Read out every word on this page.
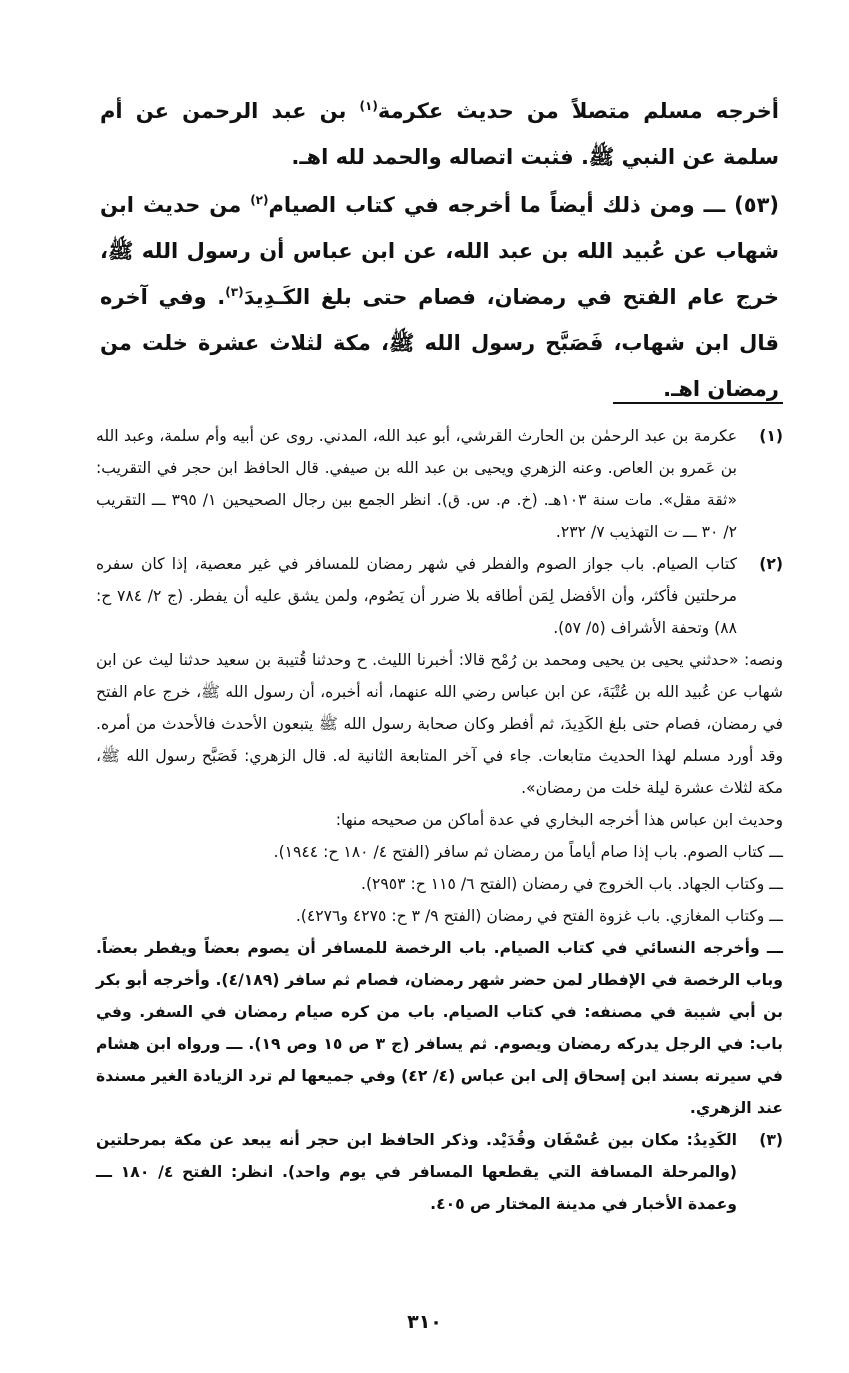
أخرجه مسلم متصلاً من حديث عكرمة$^{(١)}$ بن عبد الرحمن عن أم سلمة عن النبي ﷺ. فثبت اتصاله والحمد لله اهـ.

(٥٣) ـــ ومن ذلك أيضاً ما أخرجه في كتاب الصيام$^{(٢)}$ من حديث ابن شهاب عن عُبيد الله بن عبد الله، عن ابن عباس أن رسول الله ﷺ، خرج عام الفتح في رمضان، فصام حتى بلغ الكَـدِيدَ$^{(٣)}$. وفي آخره قال ابن شهاب، فَصَبَّح رسول الله ﷺ، مكة لثلاث عشرة خلت من رمضان اهـ.

(١)
عكرمة بن عبد الرحمٰن بن الحارث القرشي، أبو عبد الله، المدني. روى عن أبيه وأم سلمة، وعبد الله بن عَمرو بن العاص. وعنه الزهري ويحيى بن عبد الله بن صيفي. قال الحافظ ابن حجر في التقريب: «ثقة مقل». مات سنة ١٠٣هـ. (خ. م. س. ق). انظر الجمع بين رجال الصحيحين ١/ ٣٩٥ ـــ التقريب ٢/ ٣٠ ـــ ت التهذيب ٧/ ٢٣٢.
(٢)
كتاب الصيام. باب جواز الصوم والفطر في شهر رمضان للمسافر في غير معصية، إذا كان سفره مرحلتين فأكثر، وأن الأفضل لِمَن أطاقه بلا ضرر أن يَصُوم، ولمن يشق عليه أن يفطر. (ج ٢/ ٧٨٤ ح: ٨٨) وتحفة الأشراف (٥/ ٥٧).

ونصه: «حدثني يحيى بن يحيى ومحمد بن رُمْح قالا: أخبرنا الليث. ح وحدثنا قُتيبة بن سعيد حدثنا ليث عن ابن شهاب عن عُبيد الله بن عُتْبَةَ، عن ابن عباس رضي الله عنهما، أنه أخبره، أن رسول الله ﷺ، خرج عام الفتح في رمضان، فصام حتى بلغ الكَدِيدَ، ثم أفطر وكان صحابة رسول الله ﷺ يتبعون الأحدث فالأحدث من أمره. وقد أورد مسلم لهذا الحديث متابعات. جاء في آخر المتابعة الثانية له. قال الزهري: فَصَبَّح رسول الله ﷺ، مكة لثلاث عشرة ليلة خلت من رمضان».

وحديث ابن عباس هذا أخرجه البخاري في عدة أماكن من صحيحه منها:

ـــ كتاب الصوم. باب إذا صام أياماً من رمضان ثم سافر (الفتح ٤/ ١٨٠ ح: ١٩٤٤).

ـــ وكتاب الجهاد. باب الخروج في رمضان (الفتح ٦/ ١١٥ ح: ٢٩٥٣).

ـــ وكتاب المغازي. باب غزوة الفتح في رمضان (الفتح ٩/ ٣ ح: ٤٢٧٥ و٤٢٧٦).

ـــ وأخرجه النسائي في كتاب الصيام. باب الرخصة للمسافر أن يصوم بعضاً ويفطر بعضاً. وباب الرخصة في الإفطار لمن حضر شهر رمضان، فصام ثم سافر (٤/١٨٩). وأخرجه أبو بكر بن أبي شيبة في مصنفه: في كتاب الصيام. باب من كره صيام رمضان في السفر. وفي باب: في الرجل يدركه رمضان ويصوم. ثم يسافر (ج ٣ ص ١٥ وص ١٩). ـــ ورواه ابن هشام في سيرته بسند ابن إسحاق إلى ابن عباس (٤/ ٤٢) وفي جميعها لم ترد الزيادة الغير مسندة عند الزهري.

(٣)
الكَدِيدُ: مكان بين عُسْفَان وقُدَيْد. وذكر الحافظ ابن حجر أنه يبعد عن مكة بمرحلتين (والمرحلة المسافة التي يقطعها المسافر في يوم واحد). انظر: الفتح ٤/ ١٨٠ ـــ وعمدة الأخبار في مدينة المختار ص ٤٠٥.
٣١٠
